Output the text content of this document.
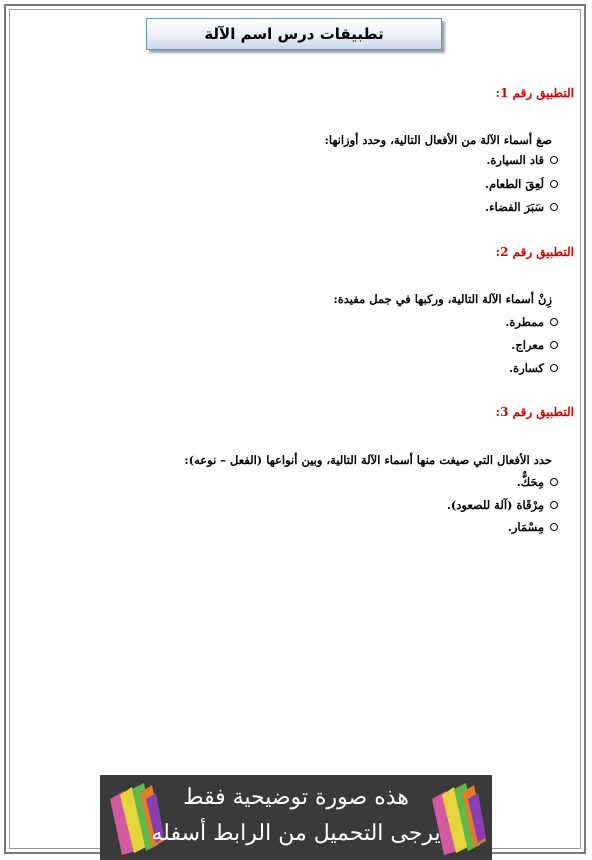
تطبيقات درس اسم الآلة
التطبيق رقم 1:
صغ أسماء الآلة من الأفعال التالية، وحدد أوزانها:
قاد السيارة.
لَعِقَ الطعام.
سَبَرَ الفضاء.
التطبيق رقم 2:
زِنْ أسماء الآلة التالية، وركبها في جمل مفيدة:
ممطرة.
معراج.
كسارة.
التطبيق رقم 3:
حدد الأفعال التي صيغت منها أسماء الآلة التالية، وبين أنواعها (الفعل – نوعه):
مِحَكٌّ.
مِرْقَاة (آلة للصعود).
مِسْمَار.
هذه صورة توضيحية فقط
يرجى التحميل من الرابط أسفله
